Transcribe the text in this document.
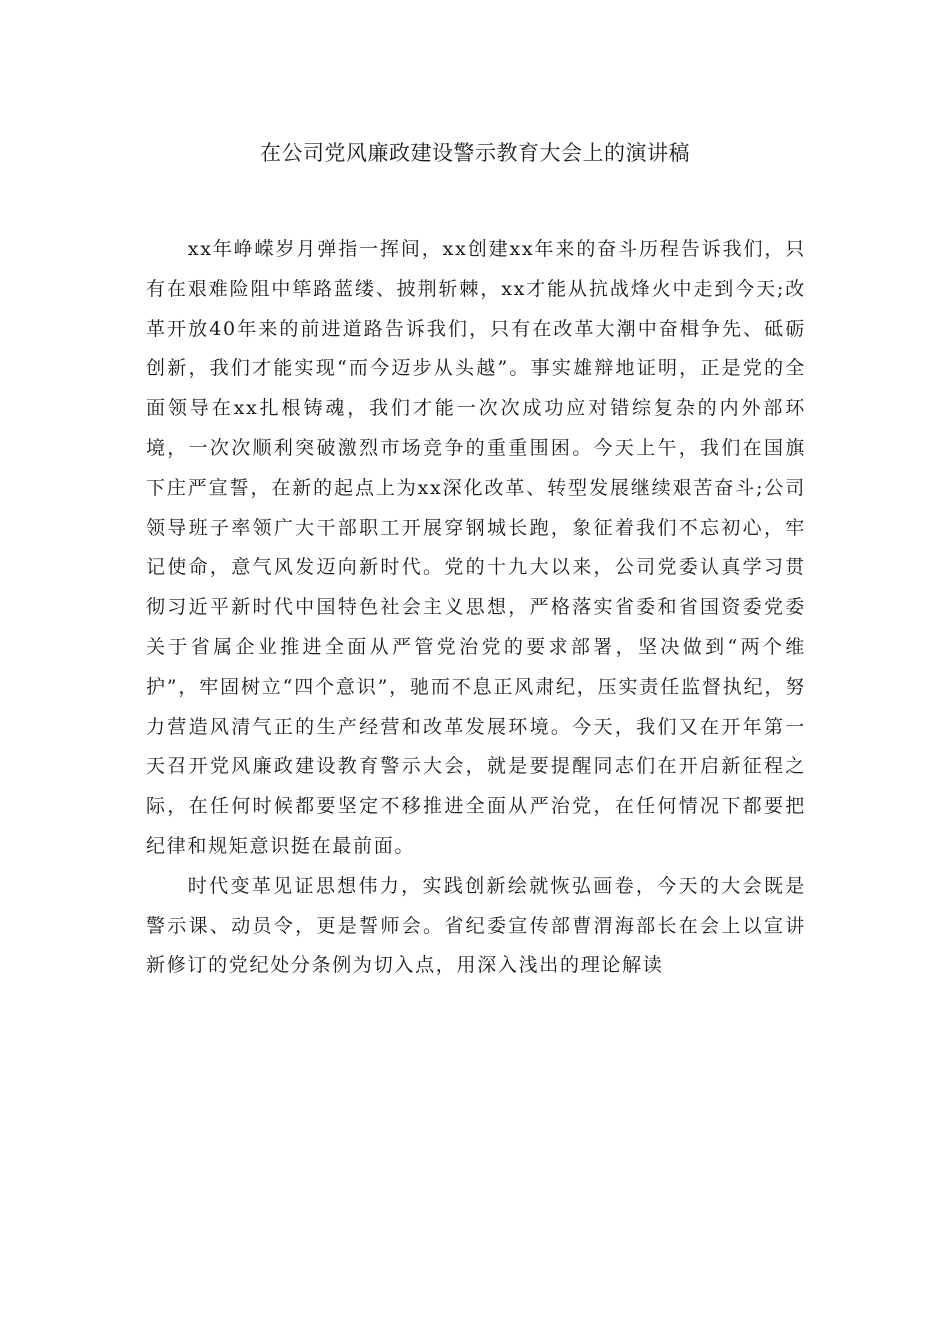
在公司党风廉政建设警示教育大会上的演讲稿

xx年峥嵘岁月弹指一挥间，xx创建xx年来的奋斗历程告诉我们，只有在艰难险阻中筚路蓝缕、披荆斩棘，xx才能从抗战烽火中走到今天;改革开放40年来的前进道路告诉我们，只有在改革大潮中奋楫争先、砥砺创新，我们才能实现“而今迈步从头越”。事实雄辩地证明，正是党的全面领导在xx扎根铸魂，我们才能一次次成功应对错综复杂的内外部环境，一次次顺利突破激烈市场竞争的重重围困。今天上午，我们在国旗下庄严宣誓，在新的起点上为xx深化改革、转型发展继续艰苦奋斗;公司领导班子率领广大干部职工开展穿钢城长跑，象征着我们不忘初心，牢记使命，意气风发迈向新时代。党的十九大以来，公司党委认真学习贯彻习近平新时代中国特色社会主义思想，严格落实省委和省国资委党委关于省属企业推进全面从严管党治党的要求部署，坚决做到“两个维护”，牢固树立“四个意识”，驰而不息正风肃纪，压实责任监督执纪，努力营造风清气正的生产经营和改革发展环境。今天，我们又在开年第一天召开党风廉政建设教育警示大会，就是要提醒同志们在开启新征程之际，在任何时候都要坚定不移推进全面从严治党，在任何情况下都要把纪律和规矩意识挺在最前面。

时代变革见证思想伟力，实践创新绘就恢弘画卷，今天的大会既是警示课、动员令，更是誓师会。省纪委宣传部曹渭海部长在会上以宣讲新修订的党纪处分条例为切入点，用深入浅出的理论解读
